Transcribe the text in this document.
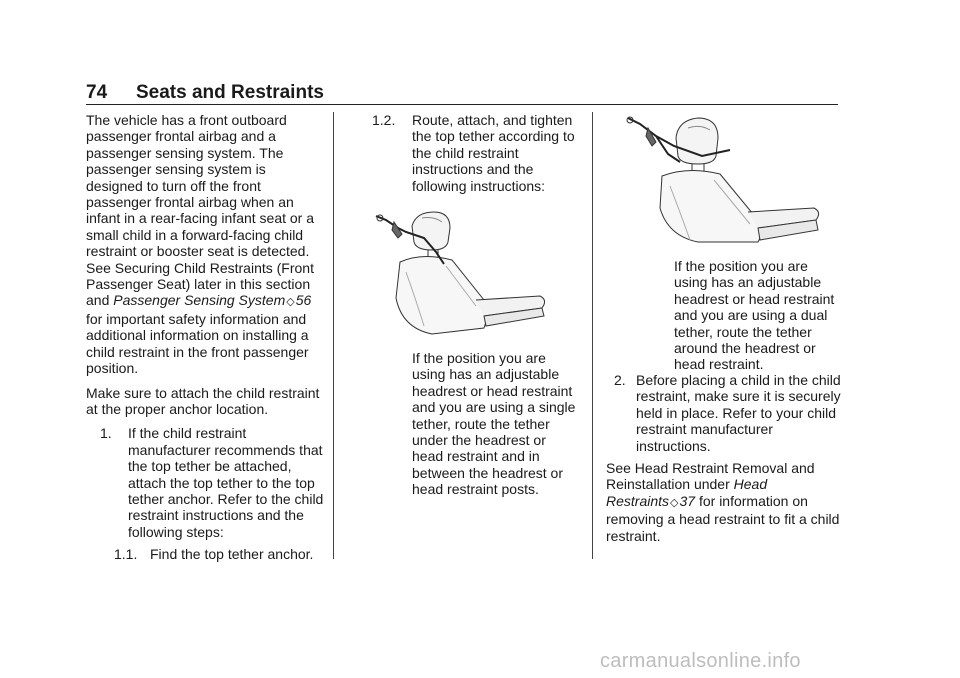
74 Seats and Restraints

The vehicle has a front outboard passenger frontal airbag and a passenger sensing system. The passenger sensing system is designed to turn off the front passenger frontal airbag when an infant in a rear-facing infant seat or a small child in a forward-facing child restraint or booster seat is detected. See Securing Child Restraints (Front Passenger Seat) later in this section and Passenger Sensing System◇56 for important safety information and additional information on installing a child restraint in the front passenger position.

Make sure to attach the child restraint at the proper anchor location.

1.	If the child restraint manufacturer recommends that the top tether be attached, attach the top tether to the top tether anchor. Refer to the child restraint instructions and the following steps:
1.1. Find the top tether anchor.
1.2.	Route, attach, and tighten the top tether according to the child restraint instructions and the following instructions:
If the position you are using has an adjustable headrest or head restraint and you are using a single tether, route the tether under the headrest or head restraint and in between the headrest or head restraint posts.
If the position you are using has an adjustable headrest or head restraint and you are using a dual tether, route the tether around the headrest or head restraint.
2. Before placing a child in the child restraint, make sure it is securely held in place. Refer to your child restraint manufacturer instructions.

See Head Restraint Removal and Reinstallation under Head Restraints◇37 for information on removing a head restraint to fit a child restraint.

carmanualsonline.info
